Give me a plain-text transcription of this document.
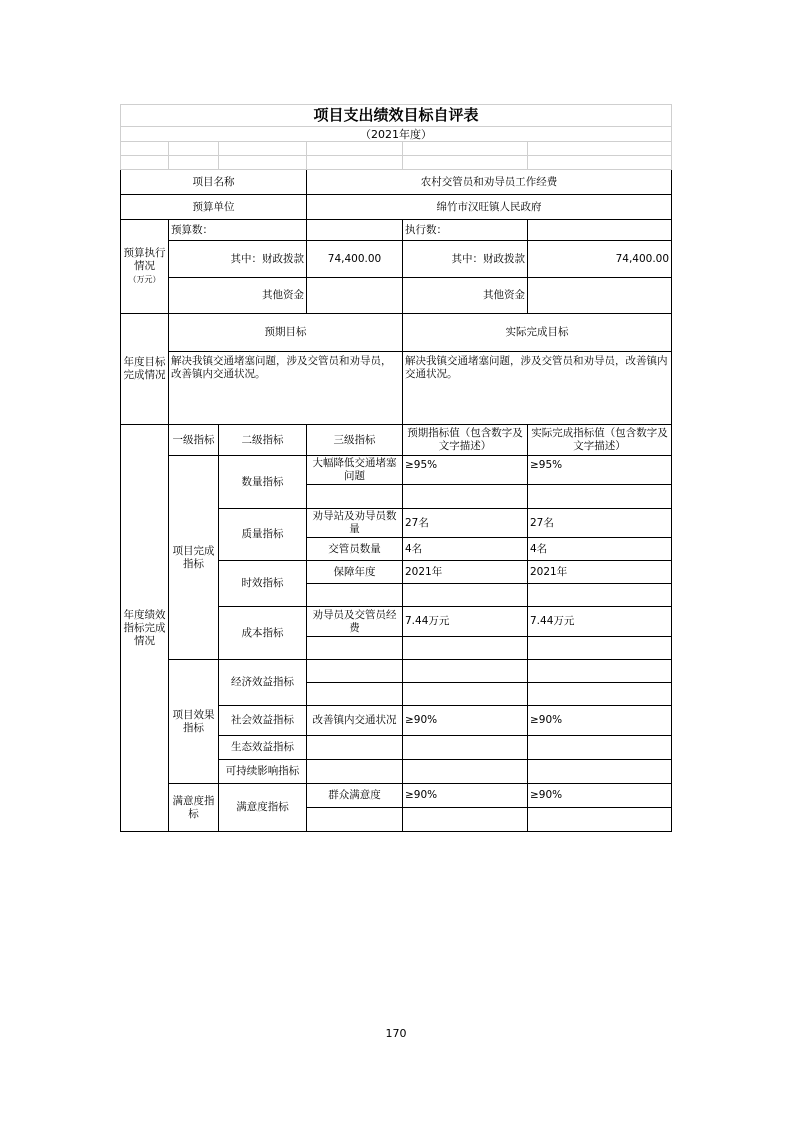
项目支出绩效目标自评表					
（2021年度）					

项目名称			农村交管员和劝导员工作经费		
预算单位			绵竹市汉旺镇人民政府		
预算执行情况
（万元）	预算数：			执行数：	
	其中：财政拨款		74,400.00	其中：财政拨款	74,400.00
	其他资金			其他资金	
年度目标完成情况	预期目标			实际完成目标	
	解决我镇交通堵塞问题，涉及交管员和劝导员，改善镇内交通状况。			解决我镇交通堵塞问题，涉及交管员和劝导员，改善镇内交通状况。	
年度绩效指标完成情况	一级指标	二级指标	三级指标	预期指标值（包含数字及文字描述）	实际完成指标值（包含数字及文字描述）
	项目完成指标	数量指标	大幅降低交通堵塞问题	≥95%	≥95%

		质量指标	劝导站及劝导员数量	27名	27名
			交管员数量	4名	4名
		时效指标	保障年度	2021年	2021年

		成本指标	劝导员及交管员经费	7.44万元	7.44万元

	项目效果指标	经济效益指标			

		社会效益指标	改善镇内交通状况	≥90%	≥90%
		生态效益指标			
		可持续影响指标			
	满意度指标	满意度指标	群众满意度	≥90%	≥90%

170
